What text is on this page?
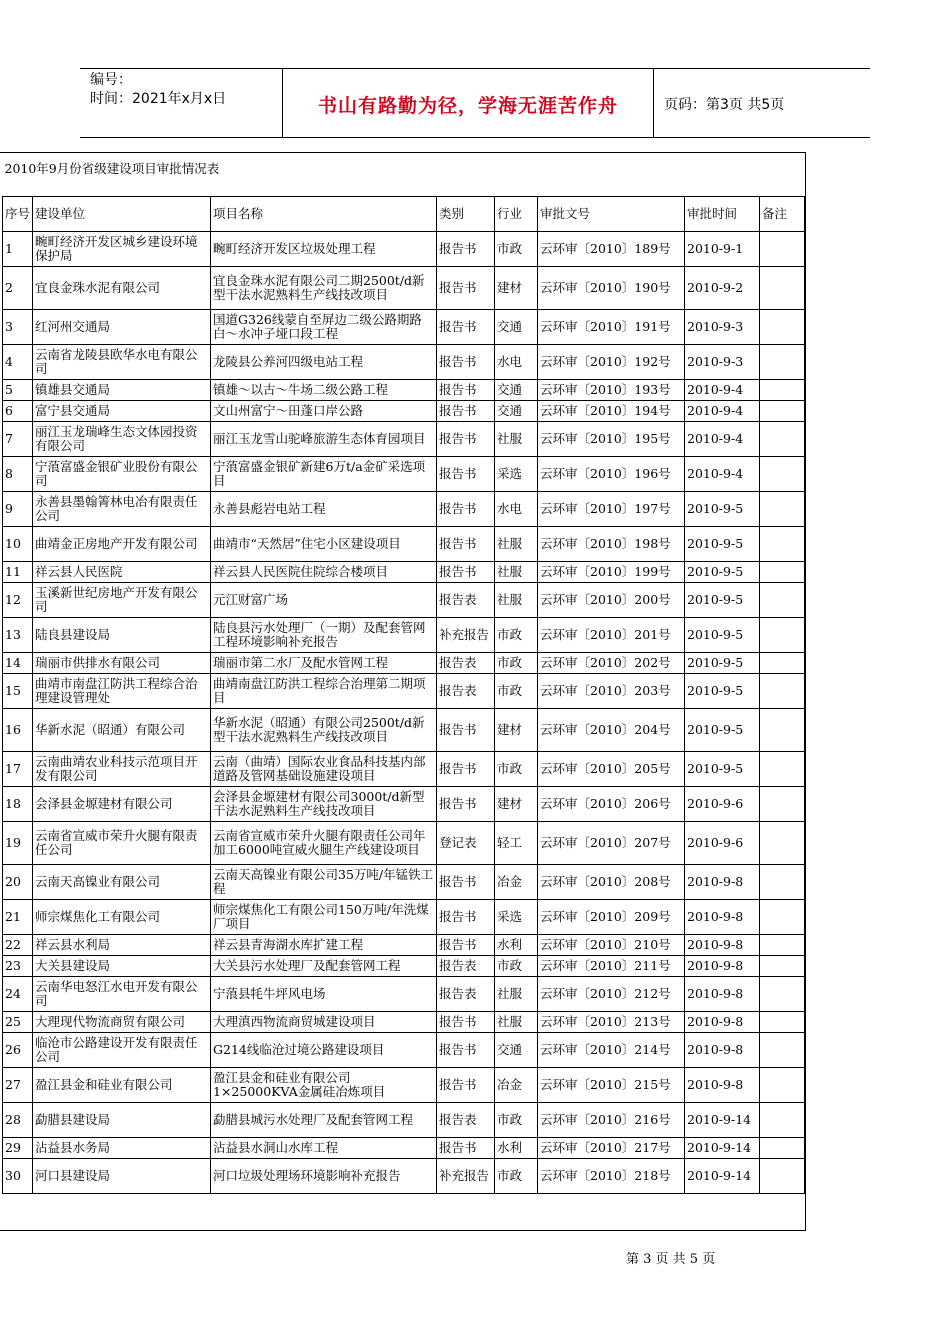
编号：
时间：2021年x月x日	书山有路勤为径，学海无涯苦作舟	页码：第3页 共5页
2010年9月份省级建设项目审批情况表							
序号	建设单位	项目名称	类别	行业	审批文号	审批时间	备注
1	畹町经济开发区城乡建设环境保护局	畹町经济开发区垃圾处理工程	报告书	市政	云环审〔2010〕189号	2010-9-1	
2	宜良金珠水泥有限公司	宜良金珠水泥有限公司二期2500t/d新型干法水泥熟料生产线技改项目	报告书	建材	云环审〔2010〕190号	2010-9-2	
3	红河州交通局	国道G326线蒙自至屏边二级公路期路白～水冲子垭口段工程	报告书	交通	云环审〔2010〕191号	2010-9-3	
4	云南省龙陵县欧华水电有限公司	龙陵县公养河四级电站工程	报告书	水电	云环审〔2010〕192号	2010-9-3	
5	镇雄县交通局	镇雄～以古～牛场二级公路工程	报告书	交通	云环审〔2010〕193号	2010-9-4	
6	富宁县交通局	文山州富宁～田蓬口岸公路	报告书	交通	云环审〔2010〕194号	2010-9-4	
7	丽江玉龙瑞峰生态文体园投资有限公司	丽江玉龙雪山驼峰旅游生态体育园项目	报告书	社服	云环审〔2010〕195号	2010-9-4	
8	宁蒗富盛金银矿业股份有限公司	宁蒗富盛金银矿新建6万t/a金矿采选项目	报告书	采选	云环审〔2010〕196号	2010-9-4	
9	永善县墨翰箐林电冶有限责任公司	永善县彪岩电站工程	报告书	水电	云环审〔2010〕197号	2010-9-5	
10	曲靖金正房地产开发有限公司	曲靖市“天然居”住宅小区建设项目	报告书	社服	云环审〔2010〕198号	2010-9-5	
11	祥云县人民医院	祥云县人民医院住院综合楼项目	报告书	社服	云环审〔2010〕199号	2010-9-5	
12	玉溪新世纪房地产开发有限公司	元江财富广场	报告表	社服	云环审〔2010〕200号	2010-9-5	
13	陆良县建设局	陆良县污水处理厂（一期）及配套管网工程环境影响补充报告	补充报告	市政	云环审〔2010〕201号	2010-9-5	
14	瑞丽市供排水有限公司	瑞丽市第二水厂及配水管网工程	报告表	市政	云环审〔2010〕202号	2010-9-5	
15	曲靖市南盘江防洪工程综合治理建设管理处	曲靖南盘江防洪工程综合治理第二期项目	报告表	市政	云环审〔2010〕203号	2010-9-5	
16	华新水泥（昭通）有限公司	华新水泥（昭通）有限公司2500t/d新型干法水泥熟料生产线技改项目	报告书	建材	云环审〔2010〕204号	2010-9-5	
17	云南曲靖农业科技示范项目开发有限公司	云南（曲靖）国际农业食品科技基内部道路及管网基础设施建设项目	报告书	市政	云环审〔2010〕205号	2010-9-5	
18	会泽县金塬建材有限公司	会泽县金塬建材有限公司3000t/d新型干法水泥熟料生产线技改项目	报告书	建材	云环审〔2010〕206号	2010-9-6	
19	云南省宣威市荣升火腿有限责任公司	云南省宣威市荣升火腿有限责任公司年加工6000吨宣威火腿生产线建设项目	登记表	轻工	云环审〔2010〕207号	2010-9-6	
20	云南天高镍业有限公司	云南天高镍业有限公司35万吨/年锰铁工程	报告书	冶金	云环审〔2010〕208号	2010-9-8	
21	师宗煤焦化工有限公司	师宗煤焦化工有限公司150万吨/年洗煤厂项目	报告书	采选	云环审〔2010〕209号	2010-9-8	
22	祥云县水利局	祥云县青海湖水库扩建工程	报告书	水利	云环审〔2010〕210号	2010-9-8	
23	大关县建设局	大关县污水处理厂及配套管网工程	报告表	市政	云环审〔2010〕211号	2010-9-8	
24	云南华电怒江水电开发有限公司	宁蒗县牦牛坪风电场	报告表	社服	云环审〔2010〕212号	2010-9-8	
25	大理现代物流商贸有限公司	大理滇西物流商贸城建设项目	报告书	社服	云环审〔2010〕213号	2010-9-8	
26	临沧市公路建设开发有限责任公司	G214线临沧过境公路建设项目	报告书	交通	云环审〔2010〕214号	2010-9-8	
27	盈江县金和硅业有限公司	盈江县金和硅业有限公司1×25000KVA金属硅冶炼项目	报告书	冶金	云环审〔2010〕215号	2010-9-8	
28	勐腊县建设局	勐腊县城污水处理厂及配套管网工程	报告表	市政	云环审〔2010〕216号	2010-9-14	
29	沾益县水务局	沾益县水洞山水库工程	报告书	水利	云环审〔2010〕217号	2010-9-14	
30	河口县建设局	河口垃圾处理场环境影响补充报告	补充报告	市政	云环审〔2010〕218号	2010-9-14	
第 3 页 共 5 页
